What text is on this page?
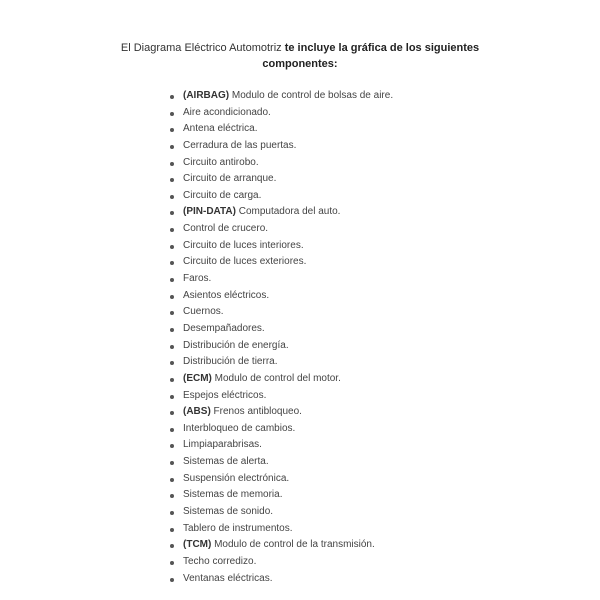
El Diagrama Eléctrico Automotriz te incluye la gráfica de los siguientes
componentes:
(AIRBAG) Modulo de control de bolsas de aire.
Aire acondicionado.
Antena eléctrica.
Cerradura de las puertas.
Circuito antirobo.
Circuito de arranque.
Circuito de carga.
(PIN-DATA) Computadora del auto.
Control de crucero.
Circuito de luces interiores.
Circuito de luces exteriores.
Faros.
Asientos eléctricos.
Cuernos.
Desempañadores.
Distribución de energía.
Distribución de tierra.
(ECM) Modulo de control del motor.
Espejos eléctricos.
(ABS) Frenos antibloqueo.
Interbloqueo de cambios.
Limpiaparabrisas.
Sistemas de alerta.
Suspensión electrónica.
Sistemas de memoria.
Sistemas de sonido.
Tablero de instrumentos.
(TCM) Modulo de control de la transmisión.
Techo corredizo.
Ventanas eléctricas.
